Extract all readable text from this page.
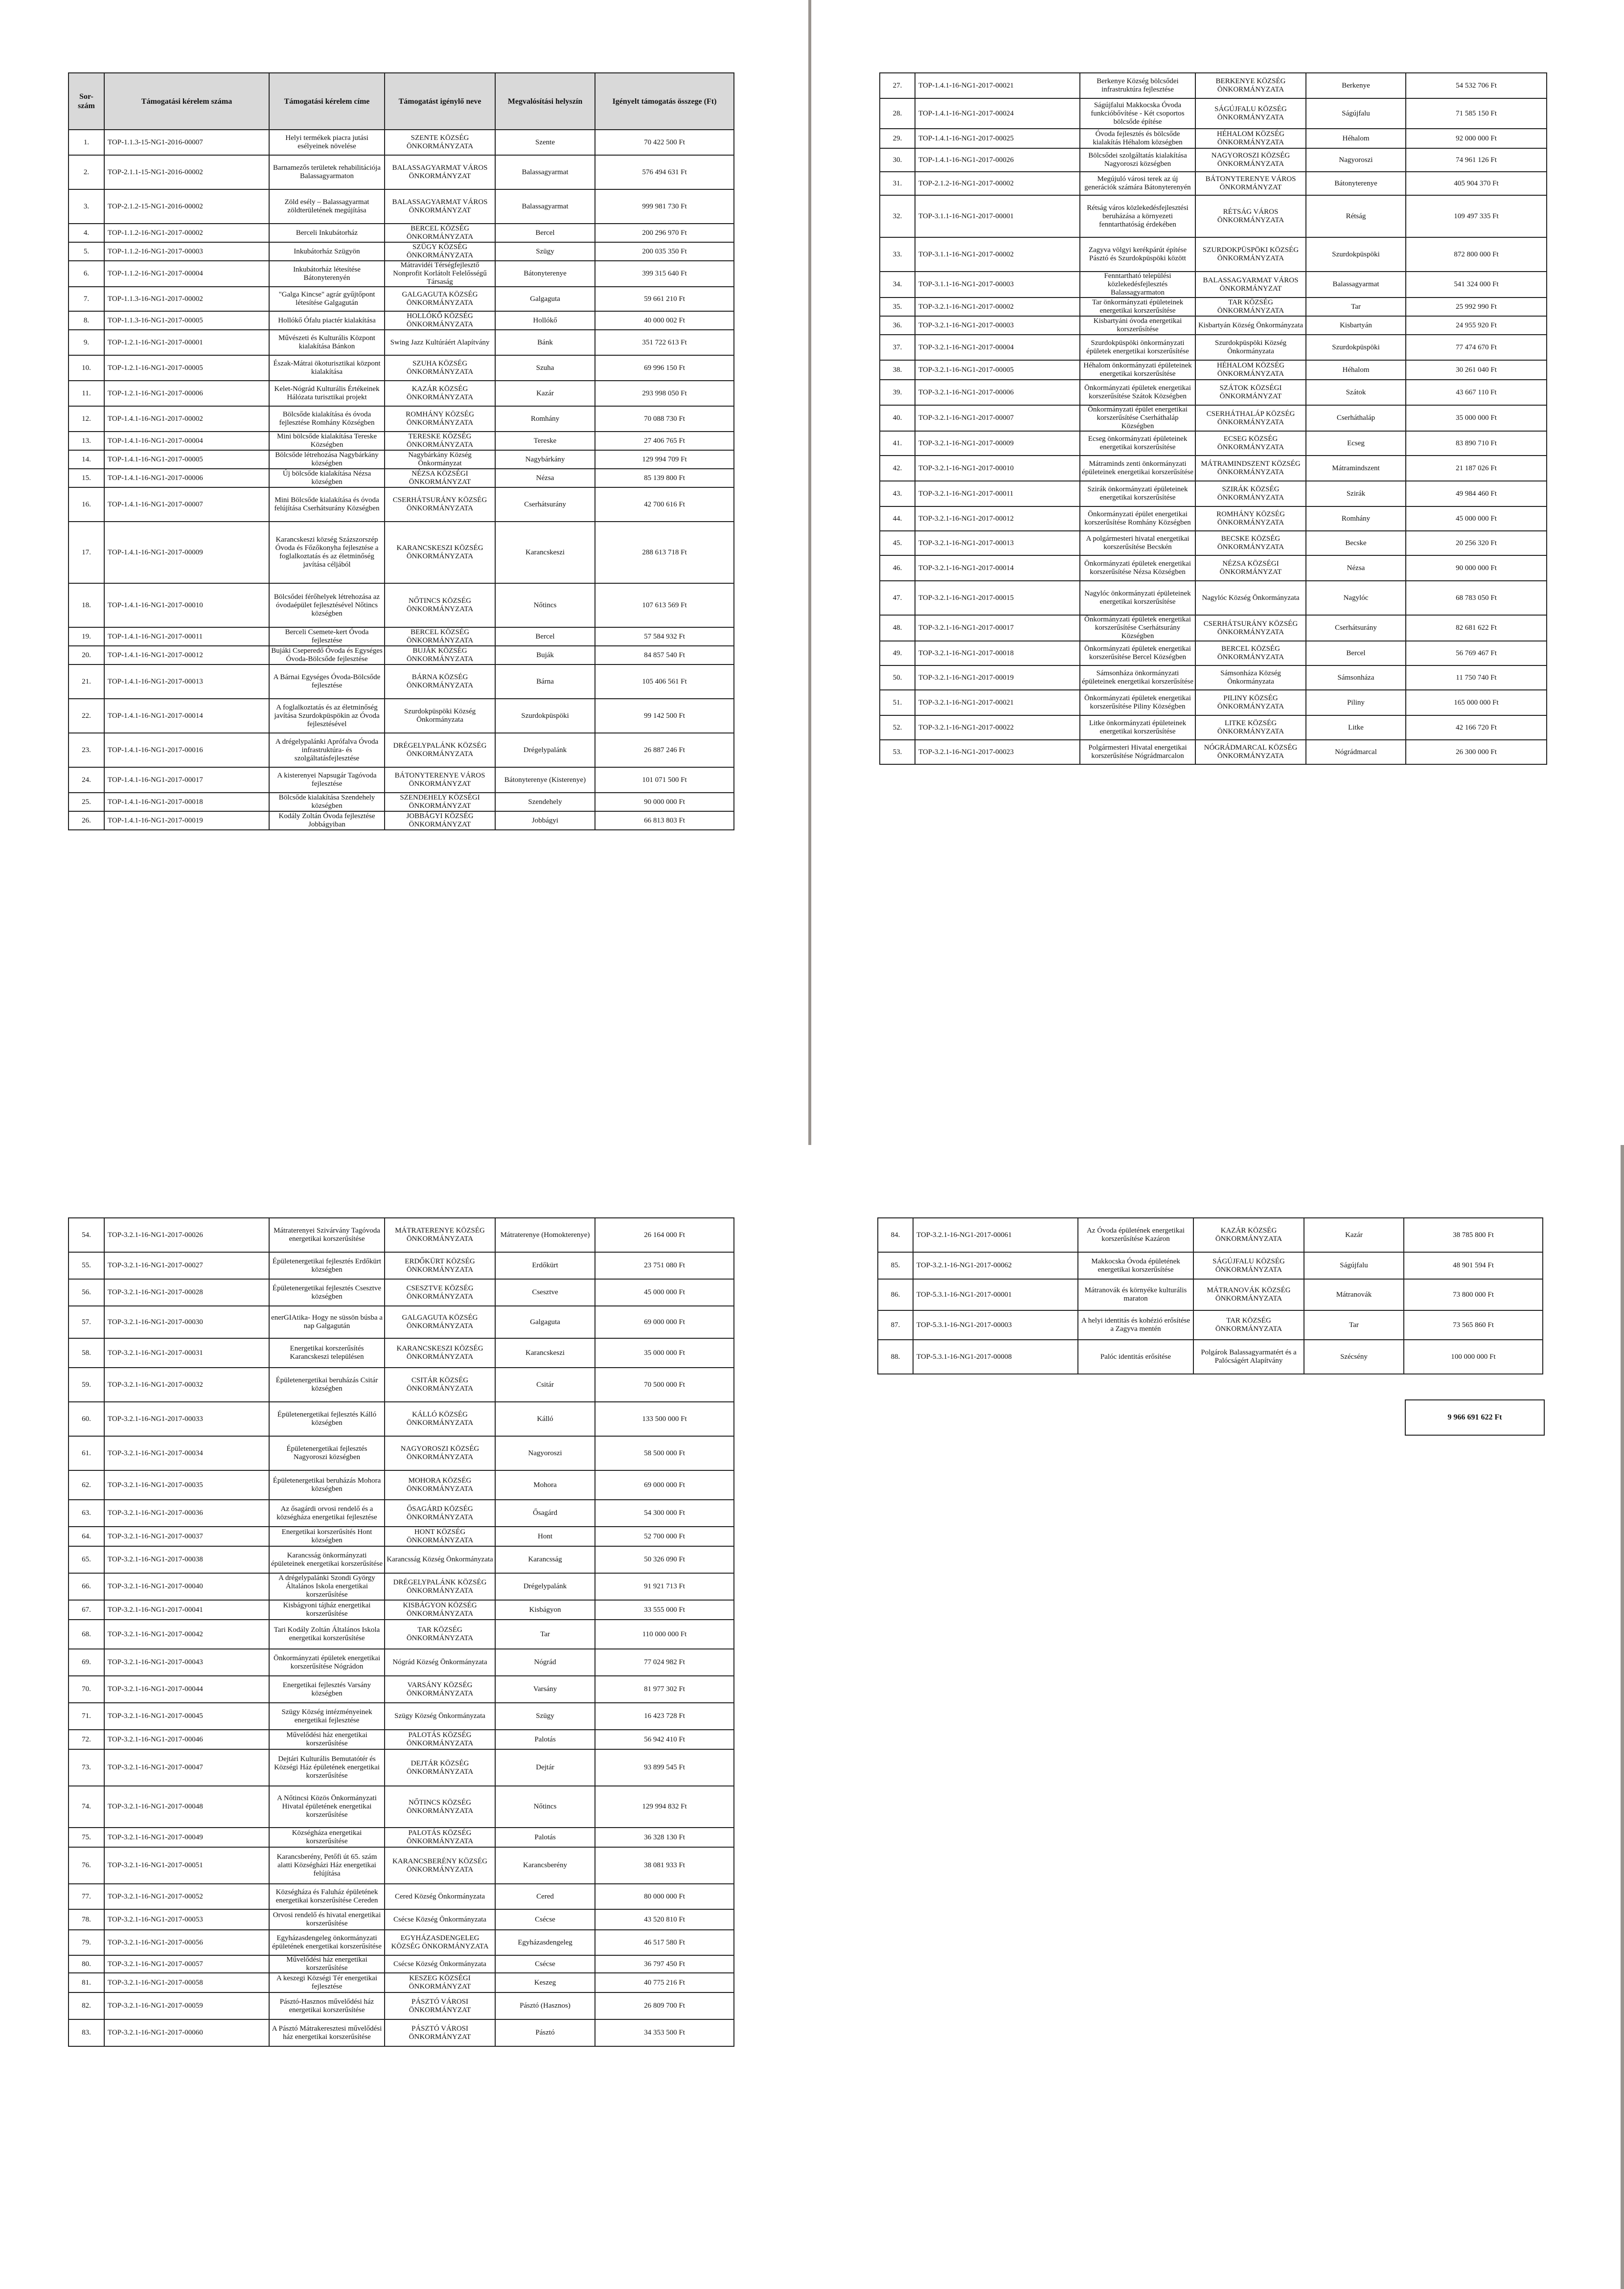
Sor-
szám	Támogatási kérelem száma	Támogatási kérelem címe	Támogatást igénylő neve	Megvalósítási helyszín	Igényelt támogatás összege (Ft)
1.	TOP-1.1.3-15-NG1-2016-00007	Helyi termékek piacra jutási esélyeinek növelése	SZENTE KÖZSÉG ÖNKORMÁNYZATA	Szente	70 422 500 Ft
2.	TOP-2.1.1-15-NG1-2016-00002	Barnamezős területek rehabilitációja Balassagyarmaton	BALASSAGYARMAT VÁROS ÖNKORMÁNYZAT	Balassagyarmat	576 494 631 Ft
3.	TOP-2.1.2-15-NG1-2016-00002	Zöld esély – Balassagyarmat zöldterületének megújítása	BALASSAGYARMAT VÁROS ÖNKORMÁNYZAT	Balassagyarmat	999 981 730 Ft
4.	TOP-1.1.2-16-NG1-2017-00002	Berceli Inkubátorház	BERCEL KÖZSÉG ÖNKORMÁNYZATA	Bercel	200 296 970 Ft
5.	TOP-1.1.2-16-NG1-2017-00003	Inkubátorház Szügyön	SZÜGY KÖZSÉG ÖNKORMÁNYZATA	Szügy	200 035 350 Ft
6.	TOP-1.1.2-16-NG1-2017-00004	Inkubátorház létesítése Bátonyterenyén	Mátravidéi Térségfejlesztő Nonprofit Korlátolt Felelősségű Társaság	Bátonyterenye	399 315 640 Ft
7.	TOP-1.1.3-16-NG1-2017-00002	"Galga Kincse" agrár gyűjtőpont létesítése Galgagután	GALGAGUTA KÖZSÉG ÖNKORMÁNYZATA	Galgaguta	59 661 210 Ft
8.	TOP-1.1.3-16-NG1-2017-00005	Hollókő Ófalu piactér kialakítása	HOLLÓKŐ KÖZSÉG ÖNKORMÁNYZATA	Hollókő	40 000 002 Ft
9.	TOP-1.2.1-16-NG1-2017-00001	Művészeti és Kulturális Központ kialakítása Bánkon	Swing Jazz Kultúráért Alapítvány	Bánk	351 722 613 Ft
10.	TOP-1.2.1-16-NG1-2017-00005	Észak-Mátrai ökoturisztikai központ kialakítása	SZUHA KÖZSÉG ÖNKORMÁNYZATA	Szuha	69 996 150 Ft
11.	TOP-1.2.1-16-NG1-2017-00006	Kelet-Nógrád Kulturális Értékeinek Hálózata turisztikai projekt	KAZÁR KÖZSÉG ÖNKORMÁNYZATA	Kazár	293 998 050 Ft
12.	TOP-1.4.1-16-NG1-2017-00002	Bölcsőde kialakítása és óvoda fejlesztése Romhány Községben	ROMHÁNY KÖZSÉG ÖNKORMÁNYZATA	Romhány	70 088 730 Ft
13.	TOP-1.4.1-16-NG1-2017-00004	Mini bölcsőde kialakítása Tereske Községben	TERESKE KÖZSÉG ÖNKORMÁNYZATA	Tereske	27 406 765 Ft
14.	TOP-1.4.1-16-NG1-2017-00005	Bölcsőde létrehozása Nagybárkány községben	Nagybárkány Község Önkormányzat	Nagybárkány	129 994 709 Ft
15.	TOP-1.4.1-16-NG1-2017-00006	Új bölcsőde kialakítása Nézsa községben	NÉZSA KÖZSÉGI ÖNKORMÁNYZAT	Nézsa	85 139 800 Ft
16.	TOP-1.4.1-16-NG1-2017-00007	Mini Bölcsőde kialakítása és óvoda felújítása Cserhátsurány Községben	CSERHÁTSURÁNY KÖZSÉG ÖNKORMÁNYZATA	Cserhátsurány	42 700 616 Ft
17.	TOP-1.4.1-16-NG1-2017-00009	Karancskeszi község Százszorszép Óvoda és Főzőkonyha fejlesztése a foglalkoztatás és az életminőség javítása céljából	KARANCSKESZI KÖZSÉG ÖNKORMÁNYZATA	Karancskeszi	288 613 718 Ft
18.	TOP-1.4.1-16-NG1-2017-00010	Bölcsődei férőhelyek létrehozása az óvodaépület fejlesztésével Nőtincs községben	NŐTINCS KÖZSÉG ÖNKORMÁNYZATA	Nőtincs	107 613 569 Ft
19.	TOP-1.4.1-16-NG1-2017-00011	Berceli Csemete-kert Óvoda fejlesztése	BERCEL KÖZSÉG ÖNKORMÁNYZATA	Bercel	57 584 932 Ft
20.	TOP-1.4.1-16-NG1-2017-00012	Bujáki Cseperedő Óvoda és Egységes Óvoda-Bölcsőde fejlesztése	BUJÁK KÖZSÉG ÖNKORMÁNYZATA	Buják	84 857 540 Ft
21.	TOP-1.4.1-16-NG1-2017-00013	A Bárnai Egységes Óvoda-Bölcsőde fejlesztése	BÁRNA KÖZSÉG ÖNKORMÁNYZATA	Bárna	105 406 561 Ft
22.	TOP-1.4.1-16-NG1-2017-00014	A foglalkoztatás és az életminőség javítása Szurdokpüspökin az Óvoda fejlesztésével	Szurdokpüspöki Község Önkormányzata	Szurdokpüspöki	99 142 500 Ft
23.	TOP-1.4.1-16-NG1-2017-00016	A drégelypalánki Aprófalva Óvoda infrastruktúra- és szolgáltatásfejlesztése	DRÉGELYPALÁNK KÖZSÉG ÖNKORMÁNYZATA	Drégelypalánk	26 887 246 Ft
24.	TOP-1.4.1-16-NG1-2017-00017	A kisterenyei Napsugár Tagóvoda fejlesztése	BÁTONYTERENYE VÁROS ÖNKORMÁNYZAT	Bátonyterenye (Kisterenye)	101 071 500 Ft
25.	TOP-1.4.1-16-NG1-2017-00018	Bölcsőde kialakítása Szendehely községben	SZENDEHELY KÖZSÉGI ÖNKORMÁNYZAT	Szendehely	90 000 000 Ft
26.	TOP-1.4.1-16-NG1-2017-00019	Kodály Zoltán Óvoda fejlesztése Jobbágyiban	JOBBÁGYI KÖZSÉG ÖNKORMÁNYZAT	Jobbágyi	66 813 803 Ft
27.	TOP-1.4.1-16-NG1-2017-00021	Berkenye Község bölcsődei infrastruktúra fejlesztése	BERKENYE KÖZSÉG ÖNKORMÁNYZATA	Berkenye	54 532 706 Ft
28.	TOP-1.4.1-16-NG1-2017-00024	Ságújfalui Makkocska Óvoda funkcióbővítése - Két csoportos bölcsőde építése	SÁGÚJFALU KÖZSÉG ÖNKORMÁNYZATA	Ságújfalu	71 585 150 Ft
29.	TOP-1.4.1-16-NG1-2017-00025	Óvoda fejlesztés és bölcsőde kialakítás Héhalom községben	HÉHALOM KÖZSÉG ÖNKORMÁNYZATA	Héhalom	92 000 000 Ft
30.	TOP-1.4.1-16-NG1-2017-00026	Bölcsődei szolgáltatás kialakítása Nagyoroszi községben	NAGYOROSZI KÖZSÉG ÖNKORMÁNYZATA	Nagyoroszi	74 961 126 Ft
31.	TOP-2.1.2-16-NG1-2017-00002	Megújuló városi terek az új generációk számára Bátonyterenyén	BÁTONYTERENYE VÁROS ÖNKORMÁNYZAT	Bátonyterenye	405 904 370 Ft
32.	TOP-3.1.1-16-NG1-2017-00001	Rétság város közlekedésfejlesztési beruházása a környezeti fenntarthatóság érdekében	RÉTSÁG VÁROS ÖNKORMÁNYZATA	Rétság	109 497 335 Ft
33.	TOP-3.1.1-16-NG1-2017-00002	Zagyva völgyi kerékpárút építése Pásztó és Szurdokpüspöki között	SZURDOKPÜSPÖKI KÖZSÉG ÖNKORMÁNYZATA	Szurdokpüspöki	872 800 000 Ft
34.	TOP-3.1.1-16-NG1-2017-00003	Fenntartható települési közlekedésfejlesztés Balassagyarmaton	BALASSAGYARMAT VÁROS ÖNKORMÁNYZAT	Balassagyarmat	541 324 000 Ft
35.	TOP-3.2.1-16-NG1-2017-00002	Tar önkormányzati épületeinek energetikai korszerűsítése	TAR KÖZSÉG ÖNKORMÁNYZATA	Tar	25 992 990 Ft
36.	TOP-3.2.1-16-NG1-2017-00003	Kisbartyáni óvoda energetikai korszerűsítése	Kisbartyán Község Önkormányzata	Kisbartyán	24 955 920 Ft
37.	TOP-3.2.1-16-NG1-2017-00004	Szurdokpüspöki önkormányzati épületek energetikai korszerűsítése	Szurdokpüspöki Község Önkormányzata	Szurdokpüspöki	77 474 670 Ft
38.	TOP-3.2.1-16-NG1-2017-00005	Héhalom önkormányzati épületeinek energetikai korszerűsítése	HÉHALOM KÖZSÉG ÖNKORMÁNYZATA	Héhalom	30 261 040 Ft
39.	TOP-3.2.1-16-NG1-2017-00006	Önkormányzati épületek energetikai korszerűsítése Szátok Községben	SZÁTOK KÖZSÉGI ÖNKORMÁNYZAT	Szátok	43 667 110 Ft
40.	TOP-3.2.1-16-NG1-2017-00007	Önkormányzati épület energetikai korszerűsítése Cserháthaláp Községben	CSERHÁTHALÁP KÖZSÉG ÖNKORMÁNYZATA	Cserháthaláp	35 000 000 Ft
41.	TOP-3.2.1-16-NG1-2017-00009	Ecseg önkormányzati épületeinek energetikai korszerűsítése	ECSEG KÖZSÉG ÖNKORMÁNYZATA	Ecseg	83 890 710 Ft
42.	TOP-3.2.1-16-NG1-2017-00010	Mátraminds zenti önkormányzati épületeinek energetikai korszerűsítése	MÁTRAMINDSZENT KÖZSÉG ÖNKORMÁNYZATA	Mátramindszent	21 187 026 Ft
43.	TOP-3.2.1-16-NG1-2017-00011	Szirák önkormányzati épületeinek energetikai korszerűsítése	SZIRÁK KÖZSÉG ÖNKORMÁNYZATA	Szirák	49 984 460 Ft
44.	TOP-3.2.1-16-NG1-2017-00012	Önkormányzati épület energetikai korszerűsítése Romhány Községben	ROMHÁNY KÖZSÉG ÖNKORMÁNYZATA	Romhány	45 000 000 Ft
45.	TOP-3.2.1-16-NG1-2017-00013	A polgármesteri hivatal energetikai korszerűsítése Becskén	BECSKE KÖZSÉG ÖNKORMÁNYZATA	Becske	20 256 320 Ft
46.	TOP-3.2.1-16-NG1-2017-00014	Önkormányzati épületek energetikai korszerűsítése Nézsa Községben	NÉZSA KÖZSÉGI ÖNKORMÁNYZAT	Nézsa	90 000 000 Ft
47.	TOP-3.2.1-16-NG1-2017-00015	Nagylóc önkormányzati épületeinek energetikai korszerűsítése	Nagylóc Község Önkormányzata	Nagylóc	68 783 050 Ft
48.	TOP-3.2.1-16-NG1-2017-00017	Önkormányzati épületek energetikai korszerűsítése Cserhátsurány Községben	CSERHÁTSURÁNY KÖZSÉG ÖNKORMÁNYZATA	Cserhátsurány	82 681 622 Ft
49.	TOP-3.2.1-16-NG1-2017-00018	Önkormányzati épületek energetikai korszerűsítése Bercel Községben	BERCEL KÖZSÉG ÖNKORMÁNYZATA	Bercel	56 769 467 Ft
50.	TOP-3.2.1-16-NG1-2017-00019	Sámsonháza önkormányzati épületeinek energetikai korszerűsítése	Sámsonháza Község Önkormányzata	Sámsonháza	11 750 740 Ft
51.	TOP-3.2.1-16-NG1-2017-00021	Önkormányzati épületek energetikai korszerűsítése Piliny Községben	PILINY KÖZSÉG ÖNKORMÁNYZATA	Piliny	165 000 000 Ft
52.	TOP-3.2.1-16-NG1-2017-00022	Litke önkormányzati épületeinek energetikai korszerűsítése	LITKE KÖZSÉG ÖNKORMÁNYZATA	Litke	42 166 720 Ft
53.	TOP-3.2.1-16-NG1-2017-00023	Polgármesteri Hivatal energetikai korszerűsítése Nógrádmarcalon	NÓGRÁDMARCAL KÖZSÉG ÖNKORMÁNYZATA	Nógrádmarcal	26 300 000 Ft
54.	TOP-3.2.1-16-NG1-2017-00026	Mátraterenyei Szivárvány Tagóvoda energetikai korszerűsítése	MÁTRATERENYE KÖZSÉG ÖNKORMÁNYZATA	Mátraterenye (Homokterenye)	26 164 000 Ft
55.	TOP-3.2.1-16-NG1-2017-00027	Épületenergetikai fejlesztés Erdőkürt községben	ERDŐKÜRT KÖZSÉG ÖNKORMÁNYZATA	Erdőkürt	23 751 080 Ft
56.	TOP-3.2.1-16-NG1-2017-00028	Épületenergetikai fejlesztés Csesztve községben	CSESZTVE KÖZSÉG ÖNKORMÁNYZATA	Csesztve	45 000 000 Ft
57.	TOP-3.2.1-16-NG1-2017-00030	enerGIAtika- Hogy ne süssön búsba a nap Galgagután	GALGAGUTA KÖZSÉG ÖNKORMÁNYZATA	Galgaguta	69 000 000 Ft
58.	TOP-3.2.1-16-NG1-2017-00031	Energetikai korszerűsítés Karancskeszi településen	KARANCSKESZI KÖZSÉG ÖNKORMÁNYZATA	Karancskeszi	35 000 000 Ft
59.	TOP-3.2.1-16-NG1-2017-00032	Épületenergetikai beruházás Csitár községben	CSITÁR KÖZSÉG ÖNKORMÁNYZATA	Csitár	70 500 000 Ft
60.	TOP-3.2.1-16-NG1-2017-00033	Épületenergetikai fejlesztés Kálló községben	KÁLLÓ KÖZSÉG ÖNKORMÁNYZATA	Kálló	133 500 000 Ft
61.	TOP-3.2.1-16-NG1-2017-00034	Épületenergetikai fejlesztés Nagyoroszi községben	NAGYOROSZI KÖZSÉG ÖNKORMÁNYZATA	Nagyoroszi	58 500 000 Ft
62.	TOP-3.2.1-16-NG1-2017-00035	Épületenergetikai beruházás Mohora községben	MOHORA KÖZSÉG ÖNKORMÁNYZATA	Mohora	69 000 000 Ft
63.	TOP-3.2.1-16-NG1-2017-00036	Az ősagárdi orvosi rendelő és a községháza energetikai fejlesztése	ŐSAGÁRD KÖZSÉG ÖNKORMÁNYZATA	Ősagárd	54 300 000 Ft
64.	TOP-3.2.1-16-NG1-2017-00037	Energetikai korszerűsítés Hont községben	HONT KÖZSÉG ÖNKORMÁNYZATA	Hont	52 700 000 Ft
65.	TOP-3.2.1-16-NG1-2017-00038	Karancsság önkormányzati épületeinek energetikai korszerűsítése	Karancsság Község Önkormányzata	Karancsság	50 326 090 Ft
66.	TOP-3.2.1-16-NG1-2017-00040	A drégelypalánki Szondi György Általános Iskola energetikai korszerűsítése	DRÉGELYPALÁNK KÖZSÉG ÖNKORMÁNYZATA	Drégelypalánk	91 921 713 Ft
67.	TOP-3.2.1-16-NG1-2017-00041	Kisbágyoni tájház energetikai korszerűsítése	KISBÁGYON KÖZSÉG ÖNKORMÁNYZATA	Kisbágyon	33 555 000 Ft
68.	TOP-3.2.1-16-NG1-2017-00042	Tari Kodály Zoltán Általános Iskola energetikai korszerűsítése	TAR KÖZSÉG ÖNKORMÁNYZATA	Tar	110 000 000 Ft
69.	TOP-3.2.1-16-NG1-2017-00043	Önkormányzati épületek energetikai korszerűsítése Nógrádon	Nógrád Község Önkormányzata	Nógrád	77 024 982 Ft
70.	TOP-3.2.1-16-NG1-2017-00044	Energetikai fejlesztés Varsány községben	VARSÁNY KÖZSÉG ÖNKORMÁNYZATA	Varsány	81 977 302 Ft
71.	TOP-3.2.1-16-NG1-2017-00045	Szügy Község intézményeinek energetikai fejlesztése	Szügy Község Önkormányzata	Szügy	16 423 728 Ft
72.	TOP-3.2.1-16-NG1-2017-00046	Művelődési ház energetikai korszerűsítése	PALOTÁS KÖZSÉG ÖNKORMÁNYZATA	Palotás	56 942 410 Ft
73.	TOP-3.2.1-16-NG1-2017-00047	Dejtári Kulturális Bemutatótér és Községi Ház épületének energetikai korszerűsítése	DEJTÁR KÖZSÉG ÖNKORMÁNYZATA	Dejtár	93 899 545 Ft
74.	TOP-3.2.1-16-NG1-2017-00048	A Nőtincsi Közös Önkormányzati Hivatal épületének energetikai korszerűsítése	NŐTINCS KÖZSÉG ÖNKORMÁNYZATA	Nőtincs	129 994 832 Ft
75.	TOP-3.2.1-16-NG1-2017-00049	Községháza energetikai korszerűsítése	PALOTÁS KÖZSÉG ÖNKORMÁNYZATA	Palotás	36 328 130 Ft
76.	TOP-3.2.1-16-NG1-2017-00051	Karancsberény, Petőfi út 65. szám alatti Községházi Ház energetikai felújítása	KARANCSBERÉNY KÖZSÉG ÖNKORMÁNYZATA	Karancsberény	38 081 933 Ft
77.	TOP-3.2.1-16-NG1-2017-00052	Községháza és Faluház épületének energetikai korszerűsítése Cereden	Cered Község Önkormányzata	Cered	80 000 000 Ft
78.	TOP-3.2.1-16-NG1-2017-00053	Orvosi rendelő és hivatal energetikai korszerűsítése	Csécse Község Önkormányzata	Csécse	43 520 810 Ft
79.	TOP-3.2.1-16-NG1-2017-00056	Egyházasdengeleg önkormányzati épületének energetikai korszerűsítése	EGYHÁZASDENGELEG KÖZSÉG ÖNKORMÁNYZATA	Egyházasdengeleg	46 517 580 Ft
80.	TOP-3.2.1-16-NG1-2017-00057	Művelődési ház energetikai korszerűsítése	Csécse Község Önkormányzata	Csécse	36 797 450 Ft
81.	TOP-3.2.1-16-NG1-2017-00058	A keszegi Községi Tér energetikai fejlesztése	KESZEG KÖZSÉGI ÖNKORMÁNYZAT	Keszeg	40 775 216 Ft
82.	TOP-3.2.1-16-NG1-2017-00059	Pásztó-Hasznos művelődési ház energetikai korszerűsítése	PÁSZTÓ VÁROSI ÖNKORMÁNYZAT	Pásztó (Hasznos)	26 809 700 Ft
83.	TOP-3.2.1-16-NG1-2017-00060	A Pásztó Mátrakeresztesi művelődési ház energetikai korszerűsítése	PÁSZTÓ VÁROSI ÖNKORMÁNYZAT	Pásztó	34 353 500 Ft
84.	TOP-3.2.1-16-NG1-2017-00061	Az Óvoda épületének energetikai korszerűsítése Kazáron	KAZÁR KÖZSÉG ÖNKORMÁNYZATA	Kazár	38 785 800 Ft
85.	TOP-3.2.1-16-NG1-2017-00062	Makkocska Óvoda épületének energetikai korszerűsítése	SÁGÚJFALU KÖZSÉG ÖNKORMÁNYZATA	Ságújfalu	48 901 594 Ft
86.	TOP-5.3.1-16-NG1-2017-00001	Mátranovák és környéke kulturális maraton	MÁTRANOVÁK KÖZSÉG ÖNKORMÁNYZATA	Mátranovák	73 800 000 Ft
87.	TOP-5.3.1-16-NG1-2017-00003	A helyi identitás és kohézió erősítése a Zagyva mentén	TAR KÖZSÉG ÖNKORMÁNYZATA	Tar	73 565 860 Ft
88.	TOP-5.3.1-16-NG1-2017-00008	Palóc identitás erősítése	Polgárok Balassagyarmatért és a Palócságért Alapítvány	Szécsény	100 000 000 Ft
9 966 691 622 Ft
